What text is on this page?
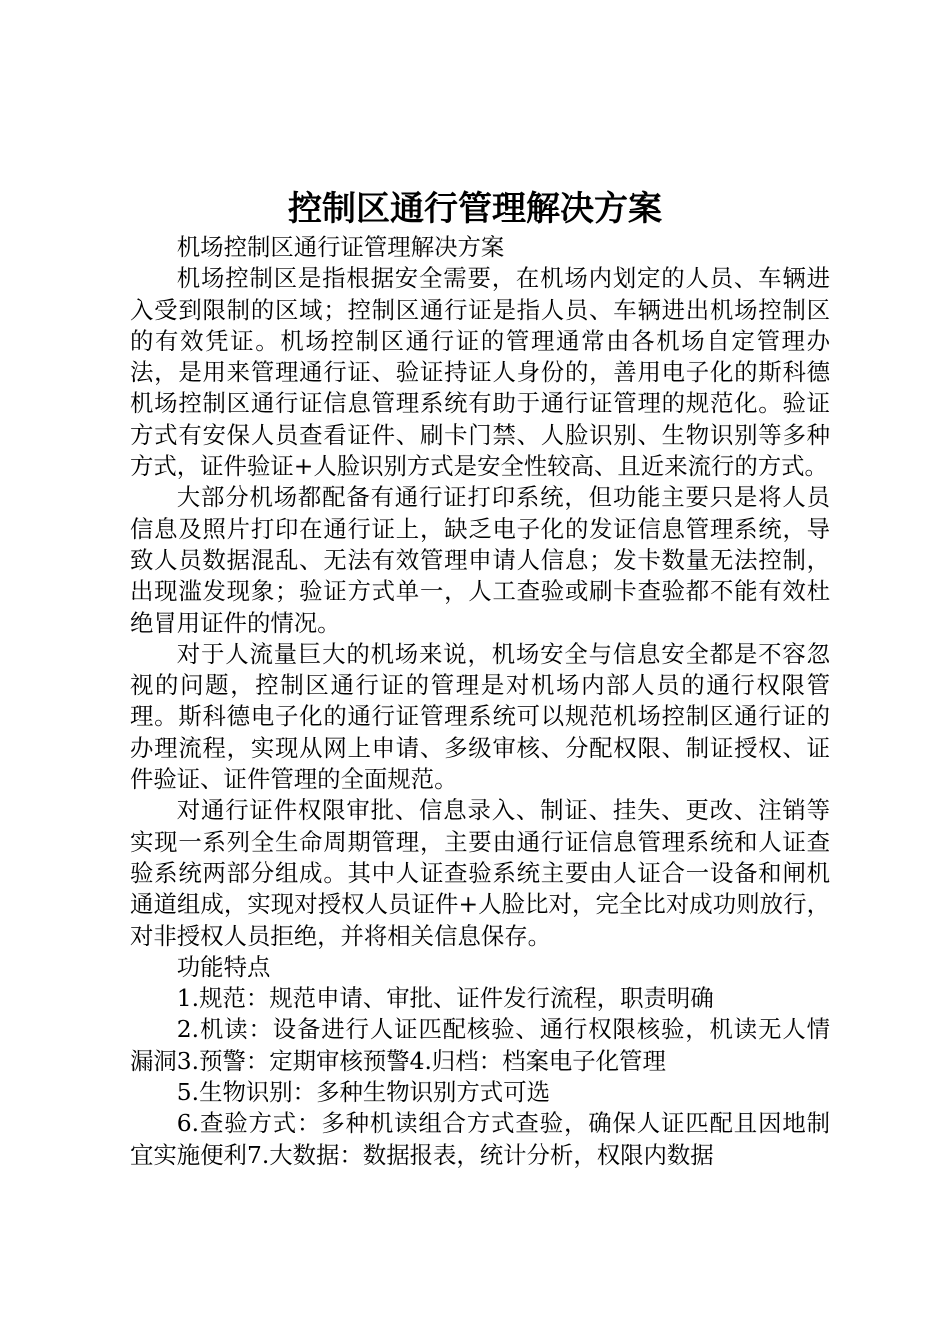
控制区通行管理解决方案

机场控制区通行证管理解决方案

机场控制区是指根据安全需要，在机场内划定的人员、车辆进入受到限制的区域；控制区通行证是指人员、车辆进出机场控制区的有效凭证。机场控制区通行证的管理通常由各机场自定管理办法，是用来管理通行证、验证持证人身份的，善用电子化的斯科德机场控制区通行证信息管理系统有助于通行证管理的规范化。验证方式有安保人员查看证件、刷卡门禁、人脸识别、生物识别等多种方式，证件验证+人脸识别方式是安全性较高、且近来流行的方式。

大部分机场都配备有通行证打印系统，但功能主要只是将人员信息及照片打印在通行证上，缺乏电子化的发证信息管理系统，导致人员数据混乱、无法有效管理申请人信息；发卡数量无法控制，出现滥发现象；验证方式单一，人工查验或刷卡查验都不能有效杜绝冒用证件的情况。

对于人流量巨大的机场来说，机场安全与信息安全都是不容忽视的问题，控制区通行证的管理是对机场内部人员的通行权限管理。斯科德电子化的通行证管理系统可以规范机场控制区通行证的办理流程，实现从网上申请、多级审核、分配权限、制证授权、证件验证、证件管理的全面规范。

对通行证件权限审批、信息录入、制证、挂失、更改、注销等实现一系列全生命周期管理，主要由通行证信息管理系统和人证查验系统两部分组成。其中人证查验系统主要由人证合一设备和闸机通道组成，实现对授权人员证件+人脸比对，完全比对成功则放行，对非授权人员拒绝，并将相关信息保存。

功能特点

1.规范：规范申请、审批、证件发行流程，职责明确

2.机读：设备进行人证匹配核验、通行权限核验，机读无人情漏洞3.预警：定期审核预警4.归档：档案电子化管理

5.生物识别：多种生物识别方式可选

6.查验方式：多种机读组合方式查验，确保人证匹配且因地制宜实施便利7.大数据：数据报表，统计分析，权限内数据
